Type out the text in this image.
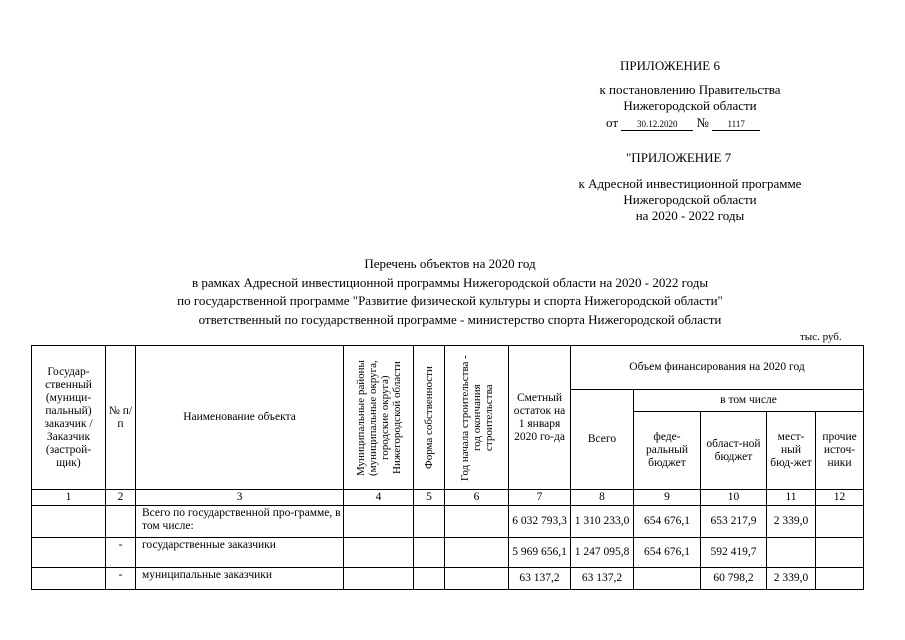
ПРИЛОЖЕНИЕ 6
к постановлению Правительства
Нижегородской области
от 30.12.2020 № 1117
"ПРИЛОЖЕНИЕ 7
к Адресной инвестиционной программе
Нижегородской области
на 2020 - 2022 годы
Перечень объектов на 2020 год
в рамках Адресной инвестиционной программы Нижегородской области на 2020 - 2022 годы
по государственной программе "Развитие физической культуры и спорта Нижегородской области"
ответственный по государственной программе - министерство спорта Нижегородской области
тыс. руб.
Государ-ственный (муници-пальный) заказчик / Заказчик (застрой-щик)	№ п/п	Наименование объекта	Муниципальные районы (муниципальные округа, городские округа) Нижегородской области	Форма собственности	Год начала строительства - год окончания строительства	Сметный остаток на 1 января 2020 го-да	Объем финансирования на 2020 год				
							Всего	в том числе			
								феде-ральный бюджет	област-ной бюджет	мест-ный бюд-жет	прочие источ-ники
1	2	3	4	5	6	7	8	9	10	11	12
		Всего по государственной про-грамме, в том числе:				6 032 793,3	1 310 233,0	654 676,1	653 217,9	2 339,0	
	-	государственные заказчики				5 969 656,1	1 247 095,8	654 676,1	592 419,7		
	-	муниципальные заказчики				63 137,2	63 137,2		60 798,2	2 339,0	
